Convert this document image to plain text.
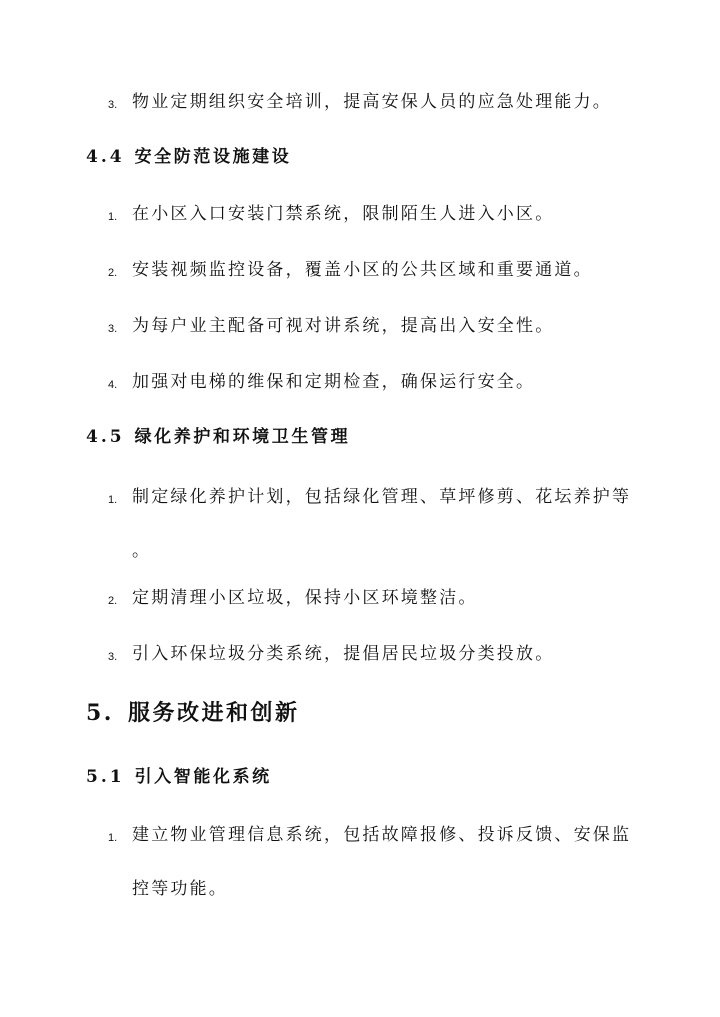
3. 物业定期组织安全培训，提高安保人员的应急处理能力。
4.4 安全防范设施建设
1. 在小区入口安装门禁系统，限制陌生人进入小区。
2. 安装视频监控设备，覆盖小区的公共区域和重要通道。
3. 为每户业主配备可视对讲系统，提高出入安全性。
4. 加强对电梯的维保和定期检查，确保运行安全。
4.5 绿化养护和环境卫生管理
1. 制定绿化养护计划，包括绿化管理、草坪修剪、花坛养护等
。
2. 定期清理小区垃圾，保持小区环境整洁。
3. 引入环保垃圾分类系统，提倡居民垃圾分类投放。
5. 服务改进和创新
5.1 引入智能化系统
1. 建立物业管理信息系统，包括故障报修、投诉反馈、安保监
控等功能。
